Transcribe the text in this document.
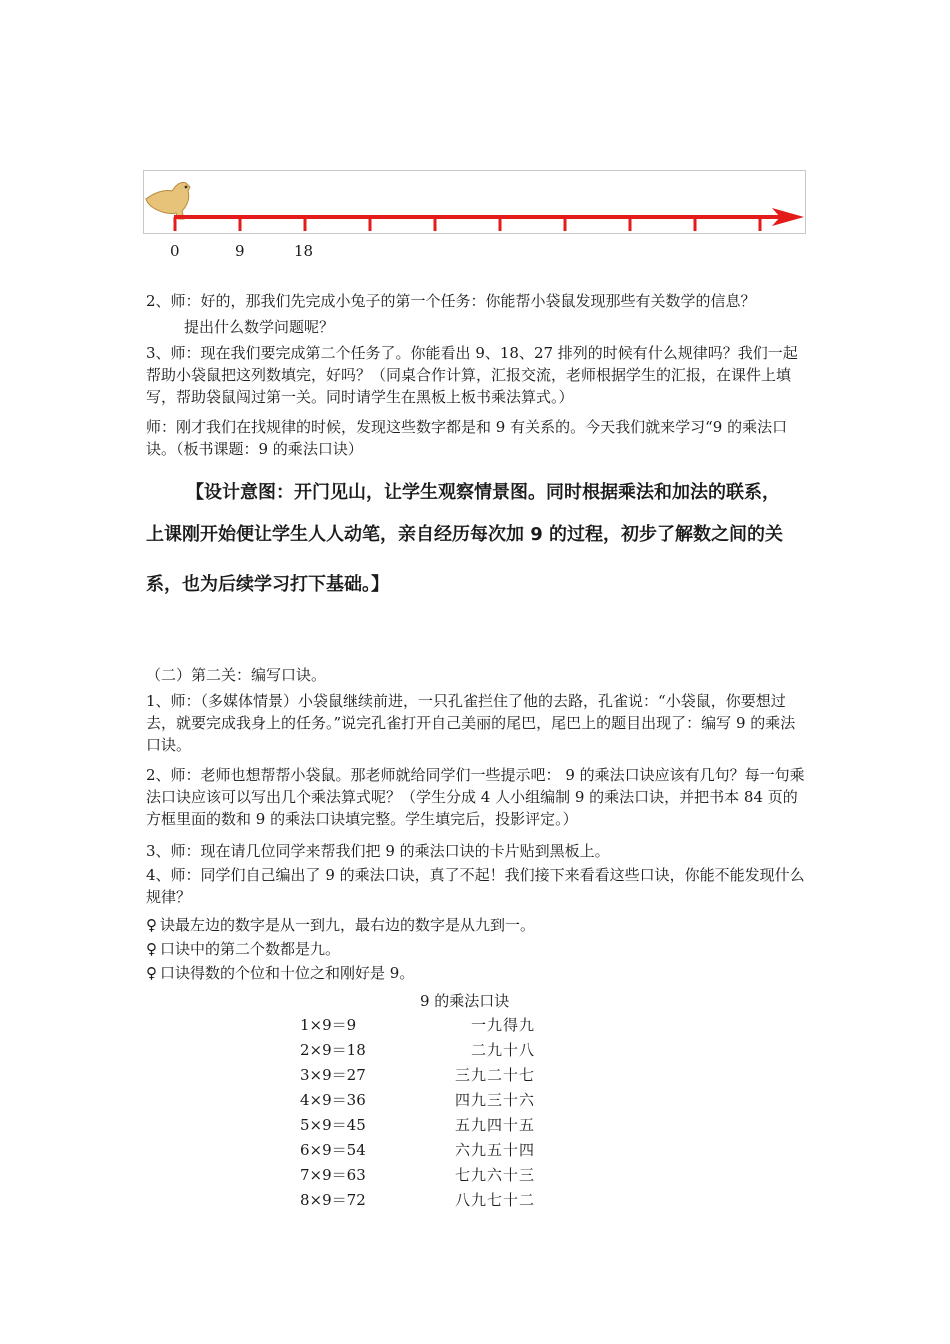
0	9	18
2、师：好的，那我们先完成小兔子的第一个任务：你能帮小袋鼠发现那些有关数学的信息？
提出什么数学问题呢？
3、师：现在我们要完成第二个任务了。你能看出 9、18、27 排列的时候有什么规律吗？我们一起帮助小袋鼠把这列数填完，好吗？（同桌合作计算，汇报交流，老师根据学生的汇报，在课件上填写，帮助袋鼠闯过第一关。同时请学生在黑板上板书乘法算式。）
师：刚才我们在找规律的时候，发现这些数字都是和 9 有关系的。今天我们就来学习“9 的乘法口诀。（板书课题：9 的乘法口诀）
【设计意图：开门见山，让学生观察情景图。同时根据乘法和加法的联系，
上课刚开始便让学生人人动笔，亲自经历每次加 9 的过程，初步了解数之间的关
系，也为后续学习打下基础。】
（二）第二关：编写口诀。
1、师：（多媒体情景）小袋鼠继续前进，一只孔雀拦住了他的去路，孔雀说：“小袋鼠，你要想过去，就要完成我身上的任务。”说完孔雀打开自己美丽的尾巴，尾巴上的题目出现了：编写 9 的乘法口诀。
2、师：老师也想帮帮小袋鼠。那老师就给同学们一些提示吧： 9 的乘法口诀应该有几句？每一句乘法口诀应该可以写出几个乘法算式呢？（学生分成 4 人小组编制 9 的乘法口诀，并把书本 84 页的方框里面的数和 9 的乘法口诀填完整。学生填完后，投影评定。）
3、师：现在请几位同学来帮我们把 9 的乘法口诀的卡片贴到黑板上。
4、师：同学们自己编出了 9 的乘法口诀，真了不起！我们接下来看看这些口诀，你能不能发现什么规律？
♀ 诀最左边的数字是从一到九，最右边的数字是从九到一。
♀ 口诀中的第二个数都是九。
♀ 口诀得数的个位和十位之和刚好是 9。
9 的乘法口诀
1×9＝9	一九得九
2×9＝18	二九十八
3×9＝27	三九二十七
4×9＝36	四九三十六
5×9＝45	五九四十五
6×9＝54	六九五十四
7×9＝63	七九六十三
8×9＝72	八九七十二
